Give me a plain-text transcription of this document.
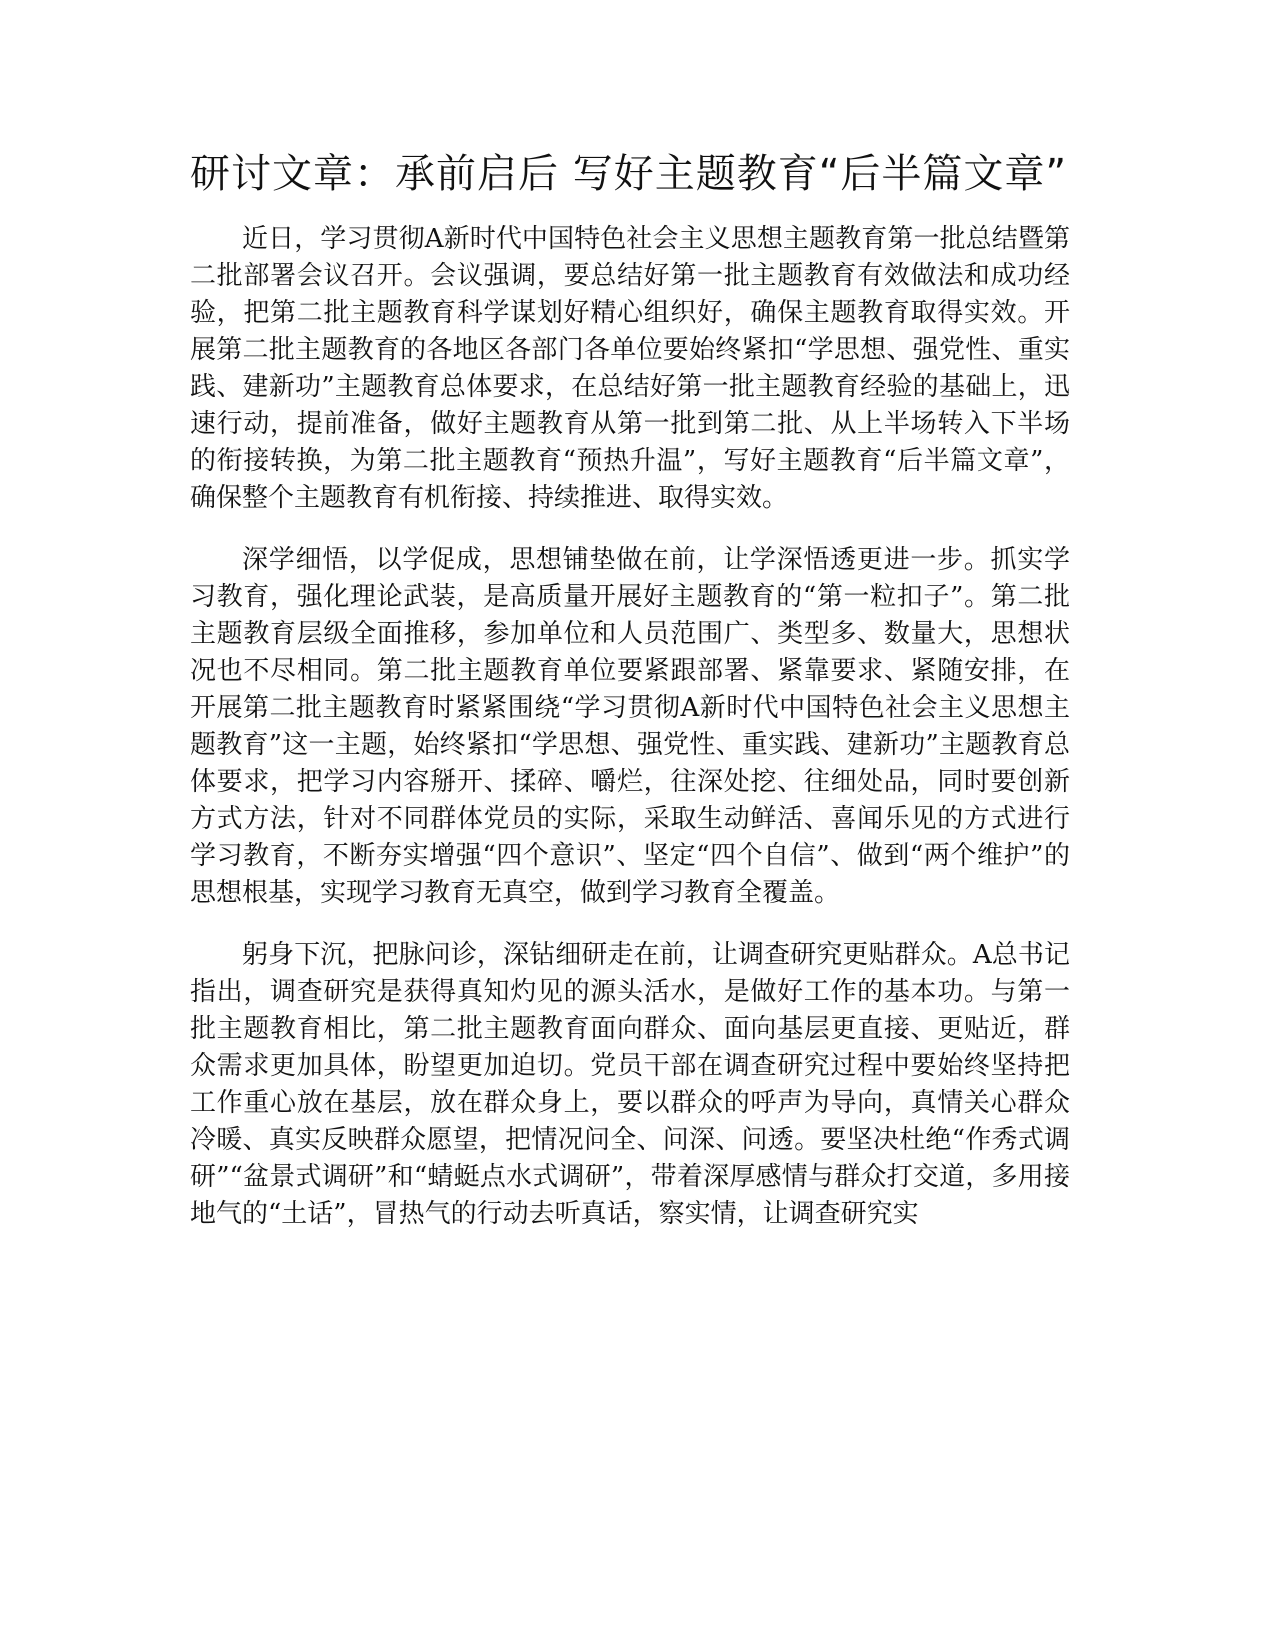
研讨文章：承前启后 写好主题教育“后半篇文章”

近日，学习贯彻A新时代中国特色社会主义思想主题教育第一批总结暨第二批部署会议召开。会议强调，要总结好第一批主题教育有效做法和成功经验，把第二批主题教育科学谋划好精心组织好，确保主题教育取得实效。开展第二批主题教育的各地区各部门各单位要始终紧扣“学思想、强党性、重实践、建新功”主题教育总体要求，在总结好第一批主题教育经验的基础上，迅速行动，提前准备，做好主题教育从第一批到第二批、从上半场转入下半场的衔接转换，为第二批主题教育“预热升温”，写好主题教育“后半篇文章”，确保整个主题教育有机衔接、持续推进、取得实效。

深学细悟，以学促成，思想铺垫做在前，让学深悟透更进一步。抓实学习教育，强化理论武装，是高质量开展好主题教育的“第一粒扣子”。第二批主题教育层级全面推移，参加单位和人员范围广、类型多、数量大，思想状况也不尽相同。第二批主题教育单位要紧跟部署、紧靠要求、紧随安排，在开展第二批主题教育时紧紧围绕“学习贯彻A新时代中国特色社会主义思想主题教育”这一主题，始终紧扣“学思想、强党性、重实践、建新功”主题教育总体要求，把学习内容掰开、揉碎、嚼烂，往深处挖、往细处品，同时要创新方式方法，针对不同群体党员的实际，采取生动鲜活、喜闻乐见的方式进行学习教育，不断夯实增强“四个意识”、坚定“四个自信”、做到“两个维护”的思想根基，实现学习教育无真空，做到学习教育全覆盖。

躬身下沉，把脉问诊，深钻细研走在前，让调查研究更贴群众。A总书记指出，调查研究是获得真知灼见的源头活水，是做好工作的基本功。与第一批主题教育相比，第二批主题教育面向群众、面向基层更直接、更贴近，群众需求更加具体，盼望更加迫切。党员干部在调查研究过程中要始终坚持把工作重心放在基层，放在群众身上，要以群众的呼声为导向，真情关心群众冷暖、真实反映群众愿望，把情况问全、问深、问透。要坚决杜绝“作秀式调研”“盆景式调研”和“蜻蜓点水式调研”，带着深厚感情与群众打交道，多用接地气的“土话”，冒热气的行动去听真话，察实情，让调查研究实
